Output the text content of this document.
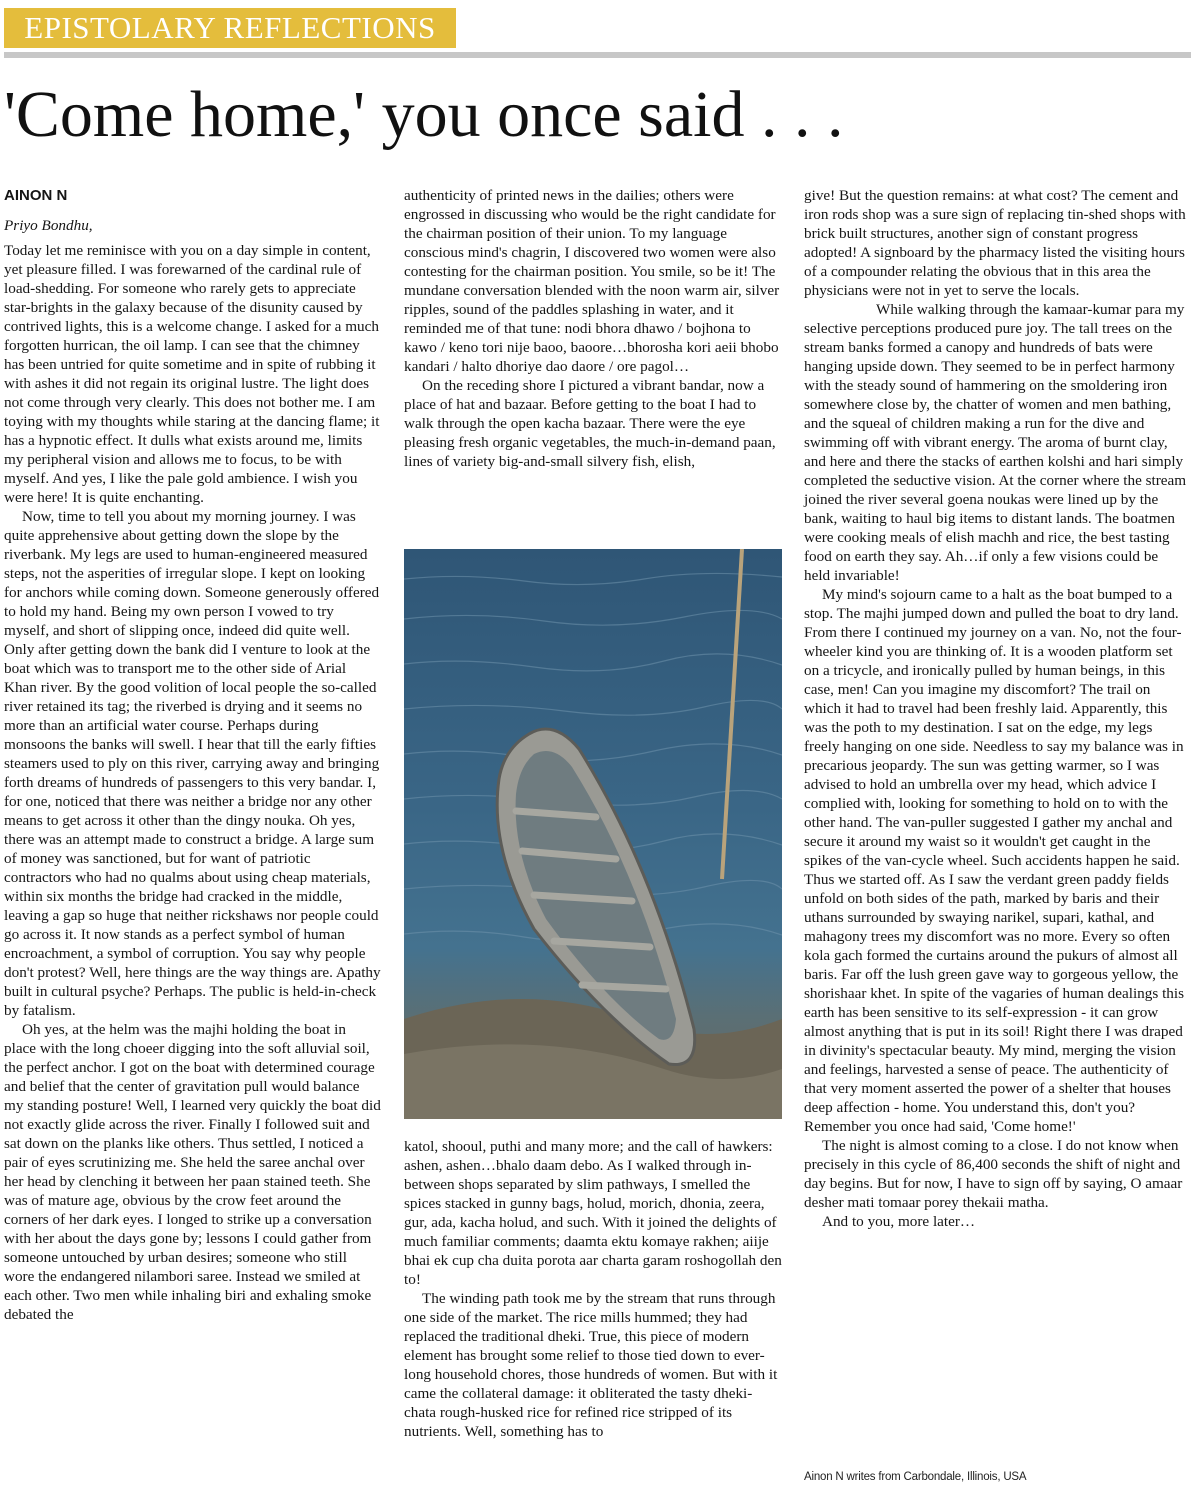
EPISTOLARY REFLECTIONS
'Come home,' you once said . . .

AINON N

Priyo Bondhu,

Today let me reminisce with you on a day simple in content, yet pleasure filled. I was forewarned of the cardinal rule of load-shedding. For someone who rarely gets to appreciate star-brights in the galaxy because of the disunity caused by contrived lights, this is a welcome change. I asked for a much forgotten hurrican, the oil lamp. I can see that the chimney has been untried for quite sometime and in spite of rubbing it with ashes it did not regain its original lustre. The light does not come through very clearly. This does not bother me. I am toying with my thoughts while staring at the dancing flame; it has a hypnotic effect. It dulls what exists around me, limits my peripheral vision and allows me to focus, to be with myself. And yes, I like the pale gold ambience. I wish you were here! It is quite enchanting.

Now, time to tell you about my morning journey. I was quite apprehensive about getting down the slope by the riverbank. My legs are used to human-engineered measured steps, not the asperities of irregular slope. I kept on looking for anchors while coming down. Someone generously offered to hold my hand. Being my own person I vowed to try myself, and short of slipping once, indeed did quite well. Only after getting down the bank did I venture to look at the boat which was to transport me to the other side of Arial Khan river. By the good volition of local people the so-called river retained its tag; the riverbed is drying and it seems no more than an artificial water course. Perhaps during monsoons the banks will swell. I hear that till the early fifties steamers used to ply on this river, carrying away and bringing forth dreams of hundreds of passengers to this very bandar. I, for one, noticed that there was neither a bridge nor any other means to get across it other than the dingy nouka. Oh yes, there was an attempt made to construct a bridge. A large sum of money was sanctioned, but for want of patriotic contractors who had no qualms about using cheap materials, within six months the bridge had cracked in the middle, leaving a gap so huge that neither rickshaws nor people could go across it. It now stands as a perfect symbol of human encroachment, a symbol of corruption. You say why people don't protest? Well, here things are the way things are. Apathy built in cultural psyche? Perhaps. The public is held-in-check by fatalism.

Oh yes, at the helm was the majhi holding the boat in place with the long choeer digging into the soft alluvial soil, the perfect anchor. I got on the boat with determined courage and belief that the center of gravitation pull would balance my standing posture! Well, I learned very quickly the boat did not exactly glide across the river. Finally I followed suit and sat down on the planks like others. Thus settled, I noticed a pair of eyes scrutinizing me. She held the saree anchal over her head by clenching it between her paan stained teeth. She was of mature age, obvious by the crow feet around the corners of her dark eyes. I longed to strike up a conversation with her about the days gone by; lessons I could gather from someone untouched by urban desires; someone who still wore the endangered nilambori saree. Instead we smiled at each other. Two men while inhaling biri and exhaling smoke debated the

authenticity of printed news in the dailies; others were engrossed in discussing who would be the right candidate for the chairman position of their union. To my language conscious mind's chagrin, I discovered two women were also contesting for the chairman position. You smile, so be it! The mundane conversation blended with the noon warm air, silver ripples, sound of the paddles splashing in water, and it reminded me of that tune: nodi bhora dhawo / bojhona to kawo / keno tori nije baoo, baoore…bhorosha kori aeii bhobo kandari / halto dhoriye dao daore / ore pagol…

On the receding shore I pictured a vibrant bandar, now a place of hat and bazaar. Before getting to the boat I had to walk through the open kacha bazaar. There were the eye pleasing fresh organic vegetables, the much-in-demand paan, lines of variety big-and-small silvery fish, elish,

katol, shooul, puthi and many more; and the call of hawkers: ashen, ashen…bhalo daam debo. As I walked through in-between shops separated by slim pathways, I smelled the spices stacked in gunny bags, holud, morich, dhonia, zeera, gur, ada, kacha holud, and such. With it joined the delights of much familiar comments; daamta ektu komaye rakhen; aiije bhai ek cup cha duita porota aar charta garam roshogollah den to!

The winding path took me by the stream that runs through one side of the market. The rice mills hummed; they had replaced the traditional dheki. True, this piece of modern element has brought some relief to those tied down to ever-long household chores, those hundreds of women. But with it came the collateral damage: it obliterated the tasty dheki-chata rough-husked rice for refined rice stripped of its nutrients. Well, something has to

give! But the question remains: at what cost? The cement and iron rods shop was a sure sign of replacing tin-shed shops with brick built structures, another sign of constant progress adopted! A signboard by the pharmacy listed the visiting hours of a compounder relating the obvious that in this area the physicians were not in yet to serve the locals.

While walking through the kamaar-kumar para my selective perceptions produced pure joy. The tall trees on the stream banks formed a canopy and hundreds of bats were hanging upside down. They seemed to be in perfect harmony with the steady sound of hammering on the smoldering iron somewhere close by, the chatter of women and men bathing, and the squeal of children making a run for the dive and swimming off with vibrant energy. The aroma of burnt clay, and here and there the stacks of earthen kolshi and hari simply completed the seductive vision. At the corner where the stream joined the river several goena noukas were lined up by the bank, waiting to haul big items to distant lands. The boatmen were cooking meals of elish machh and rice, the best tasting food on earth they say. Ah…if only a few visions could be held invariable!

My mind's sojourn came to a halt as the boat bumped to a stop. The majhi jumped down and pulled the boat to dry land. From there I continued my journey on a van. No, not the four-wheeler kind you are thinking of. It is a wooden platform set on a tricycle, and ironically pulled by human beings, in this case, men! Can you imagine my discomfort? The trail on which it had to travel had been freshly laid. Apparently, this was the poth to my destination. I sat on the edge, my legs freely hanging on one side. Needless to say my balance was in precarious jeopardy. The sun was getting warmer, so I was advised to hold an umbrella over my head, which advice I complied with, looking for something to hold on to with the other hand. The van-puller suggested I gather my anchal and secure it around my waist so it wouldn't get caught in the spikes of the van-cycle wheel. Such accidents happen he said. Thus we started off. As I saw the verdant green paddy fields unfold on both sides of the path, marked by baris and their uthans surrounded by swaying narikel, supari, kathal, and mahagony trees my discomfort was no more. Every so often kola gach formed the curtains around the pukurs of almost all baris. Far off the lush green gave way to gorgeous yellow, the shorishaar khet. In spite of the vagaries of human dealings this earth has been sensitive to its self-expression - it can grow almost anything that is put in its soil! Right there I was draped in divinity's spectacular beauty. My mind, merging the vision and feelings, harvested a sense of peace. The authenticity of that very moment asserted the power of a shelter that houses deep affection - home. You understand this, don't you? Remember you once had said, 'Come home!'

The night is almost coming to a close. I do not know when precisely in this cycle of 86,400 seconds the shift of night and day begins. But for now, I have to sign off by saying, O amaar desher mati tomaar porey thekaii matha.

And to you, more later…

Ainon N writes from Carbondale, Illinois, USA
